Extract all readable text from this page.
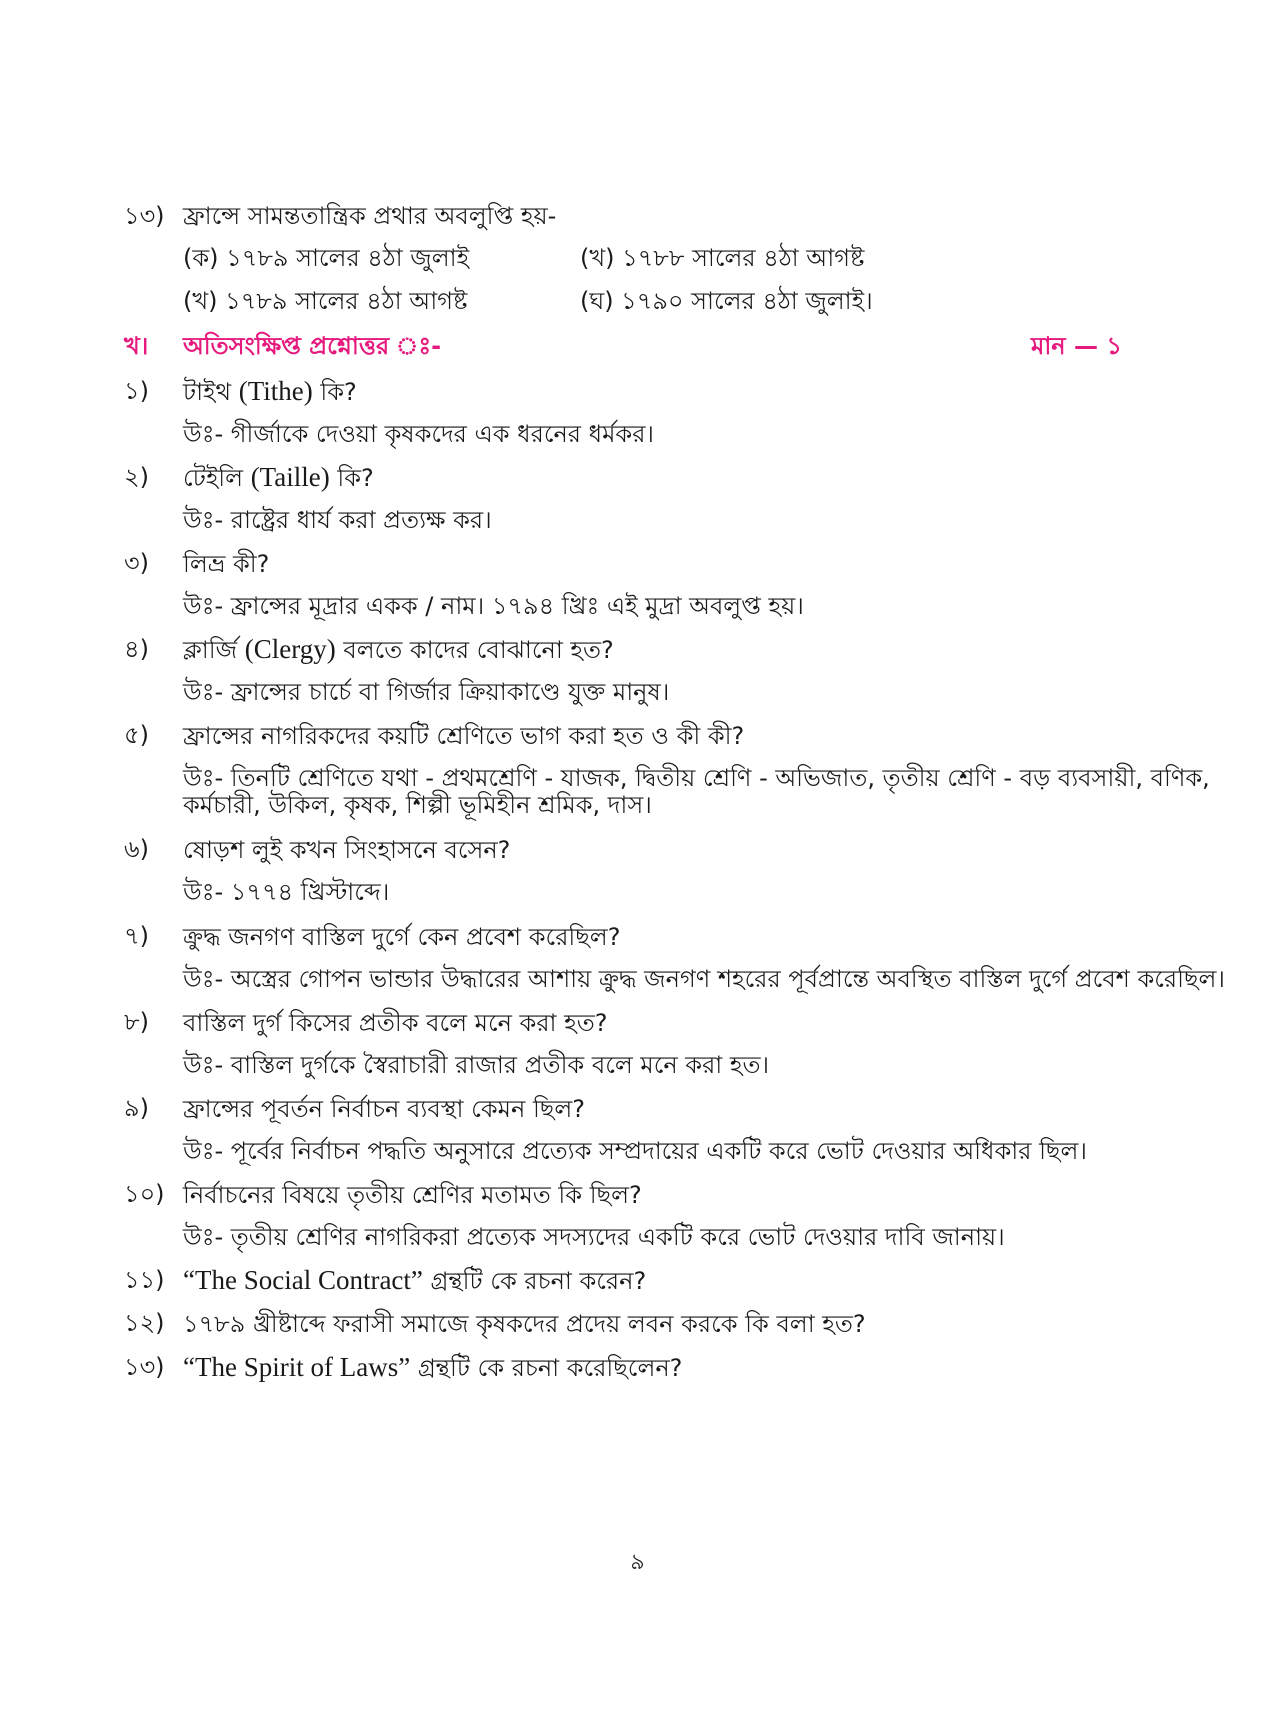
১৩) ফ্রান্সে সামন্ততান্ত্রিক প্রথার অবলুপ্তি হয়-
(ক) ১৭৮৯ সালের ৪ঠা জুলাই	(খ) ১৭৮৮ সালের ৪ঠা আগষ্ট
(খ) ১৭৮৯ সালের ৪ঠা আগষ্ট	(ঘ) ১৭৯০ সালের ৪ঠা জুলাই।
খ। অতিসংক্ষিপ্ত প্রশ্নোত্তর ঃ-	মান — ১
১) টাইথ (Tithe) কি?
উঃ- গীর্জাকে দেওয়া কৃষকদের এক ধরনের ধর্মকর।
২) টেইলি (Taille) কি?
উঃ- রাষ্ট্রের ধার্য করা প্রত্যক্ষ কর।
৩) লিভ্র কী?
উঃ- ফ্রান্সের মূদ্রার একক / নাম। ১৭৯৪ খ্রিঃ এই মুদ্রা অবলুপ্ত হয়।
৪) ক্লার্জি (Clergy) বলতে কাদের বোঝানো হত?
উঃ- ফ্রান্সের চার্চে বা গির্জার ক্রিয়াকাণ্ডে যুক্ত মানুষ।
৫) ফ্রান্সের নাগরিকদের কয়টি শ্রেণিতে ভাগ করা হত ও কী কী?
উঃ- তিনটি শ্রেণিতে যথা - প্রথমশ্রেণি - যাজক, দ্বিতীয় শ্রেণি - অভিজাত, তৃতীয় শ্রেণি - বড় ব্যবসায়ী, বণিক,
কর্মচারী, উকিল, কৃষক, শিল্পী ভূমিহীন শ্রমিক, দাস।
৬) ষোড়শ লুই কখন সিংহাসনে বসেন?
উঃ- ১৭৭৪ খ্রিস্টাব্দে।
৭) ক্রুদ্ধ জনগণ বাস্তিল দুর্গে কেন প্রবেশ করেছিল?
উঃ- অস্ত্রের গোপন ভান্ডার উদ্ধারের আশায় ক্রুদ্ধ জনগণ শহরের পূর্বপ্রান্তে অবস্থিত বাস্তিল দুর্গে প্রবেশ করেছিল।
৮) বাস্তিল দুর্গ কিসের প্রতীক বলে মনে করা হত?
উঃ- বাস্তিল দুর্গকে স্বৈরাচারী রাজার প্রতীক বলে মনে করা হত।
৯) ফ্রান্সের পূবর্তন নির্বাচন ব্যবস্থা কেমন ছিল?
উঃ- পূর্বের নির্বাচন পদ্ধতি অনুসারে প্রত্যেক সম্প্রদায়ের একটি করে ভোট দেওয়ার অধিকার ছিল।
১০) নির্বাচনের বিষয়ে তৃতীয় শ্রেণির মতামত কি ছিল?
উঃ- তৃতীয় শ্রেণির নাগরিকরা প্রত্যেক সদস্যদের একটি করে ভোট দেওয়ার দাবি জানায়।
১১) “The Social Contract” গ্রন্থটি কে রচনা করেন?
১২) ১৭৮৯ খ্রীষ্টাব্দে ফরাসী সমাজে কৃষকদের প্রদেয় লবন করকে কি বলা হত?
১৩) “The Spirit of Laws” গ্রন্থটি কে রচনা করেছিলেন?
৯
